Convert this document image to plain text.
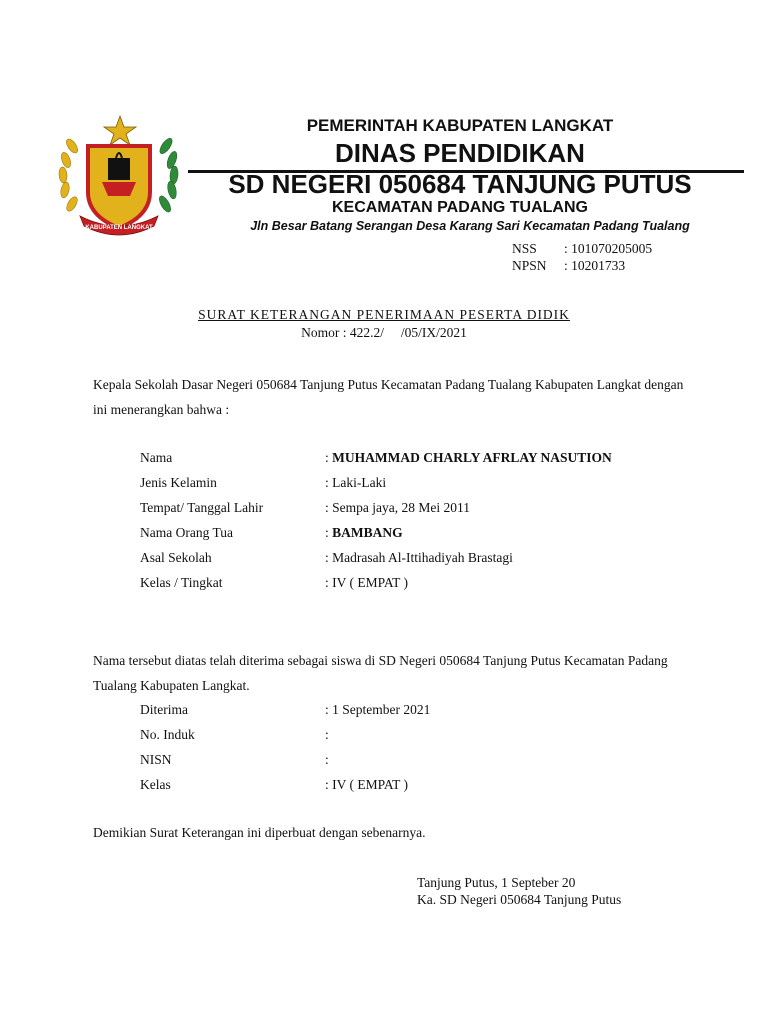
KABUPATEN LANGKAT
PEMERINTAH KABUPATEN LANGKAT
DINAS PENDIDIKAN
SD NEGERI 050684 TANJUNG PUTUS
KECAMATAN PADANG TUALANG
Jln Besar Batang Serangan Desa Karang Sari Kecamatan Padang Tualang
NSS : 101070205005
NPSN : 10201733
SURAT KETERANGAN PENERIMAAN PESERTA DIDIK
Nomor : 422.2/     /05/IX/2021
Kepala Sekolah Dasar Negeri 050684 Tanjung Putus Kecamatan Padang Tualang Kabupaten Langkat dengan ini menerangkan bahwa :
Nama	: MUHAMMAD CHARLY AFRLAY NASUTION
Jenis Kelamin	: Laki-Laki
Tempat/ Tanggal Lahir	: Sempa jaya, 28 Mei 2011
Nama Orang Tua	: BAMBANG
Asal Sekolah	: Madrasah Al-Ittihadiyah Brastagi
Kelas / Tingkat	: IV ( EMPAT )
Nama tersebut diatas telah diterima sebagai siswa di SD Negeri 050684 Tanjung Putus Kecamatan Padang Tualang Kabupaten Langkat.
Diterima	: 1 September 2021
No. Induk	:
NISN	:
Kelas	: IV ( EMPAT )
Demikian Surat Keterangan ini diperbuat dengan sebenarnya.
Tanjung Putus, 1 Septeber 20
Ka. SD Negeri 050684 Tanjung Putus
